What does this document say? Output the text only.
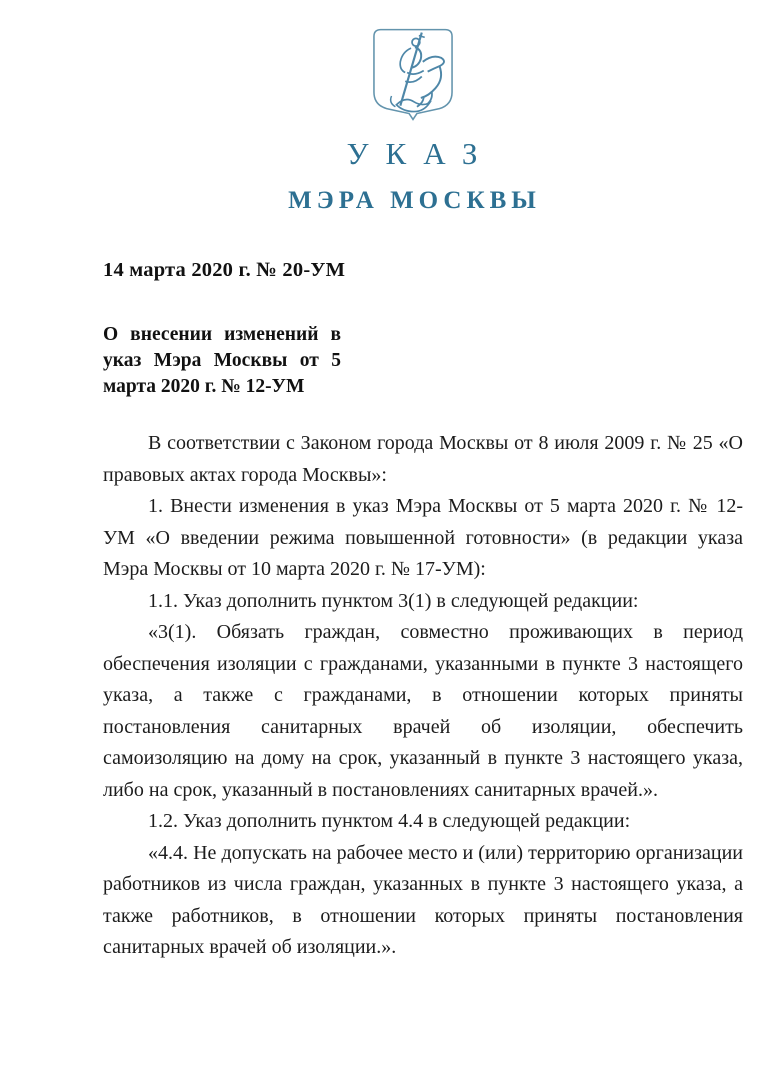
УКАЗ
МЭРА МОСКВЫ
14 марта 2020 г. № 20-УМ
О внесении изменений в указ Мэра Москвы от 5 марта 2020 г. № 12-УМ

В соответствии с Законом города Москвы от 8 июля 2009 г. № 25 «О правовых актах города Москвы»:

1. Внести изменения в указ Мэра Москвы от 5 марта 2020 г. № 12-УМ «О введении режима повышенной готовности» (в редакции указа Мэра Москвы от 10 марта 2020 г. № 17-УМ):

1.1. Указ дополнить пунктом 3(1) в следующей редакции:

«3(1). Обязать граждан, совместно проживающих в период обеспечения изоляции с гражданами, указанными в пункте 3 настоящего указа, а также с гражданами, в отношении которых приняты постановления санитарных врачей об изоляции, обеспечить самоизоляцию на дому на срок, указанный в пункте 3 настоящего указа, либо на срок, указанный в постановлениях санитарных врачей.».

1.2. Указ дополнить пунктом 4.4 в следующей редакции:

«4.4. Не допускать на рабочее место и (или) территорию организации работников из числа граждан, указанных в пункте 3 настоящего указа, а также работников, в отношении которых приняты постановления санитарных врачей об изоляции.».
